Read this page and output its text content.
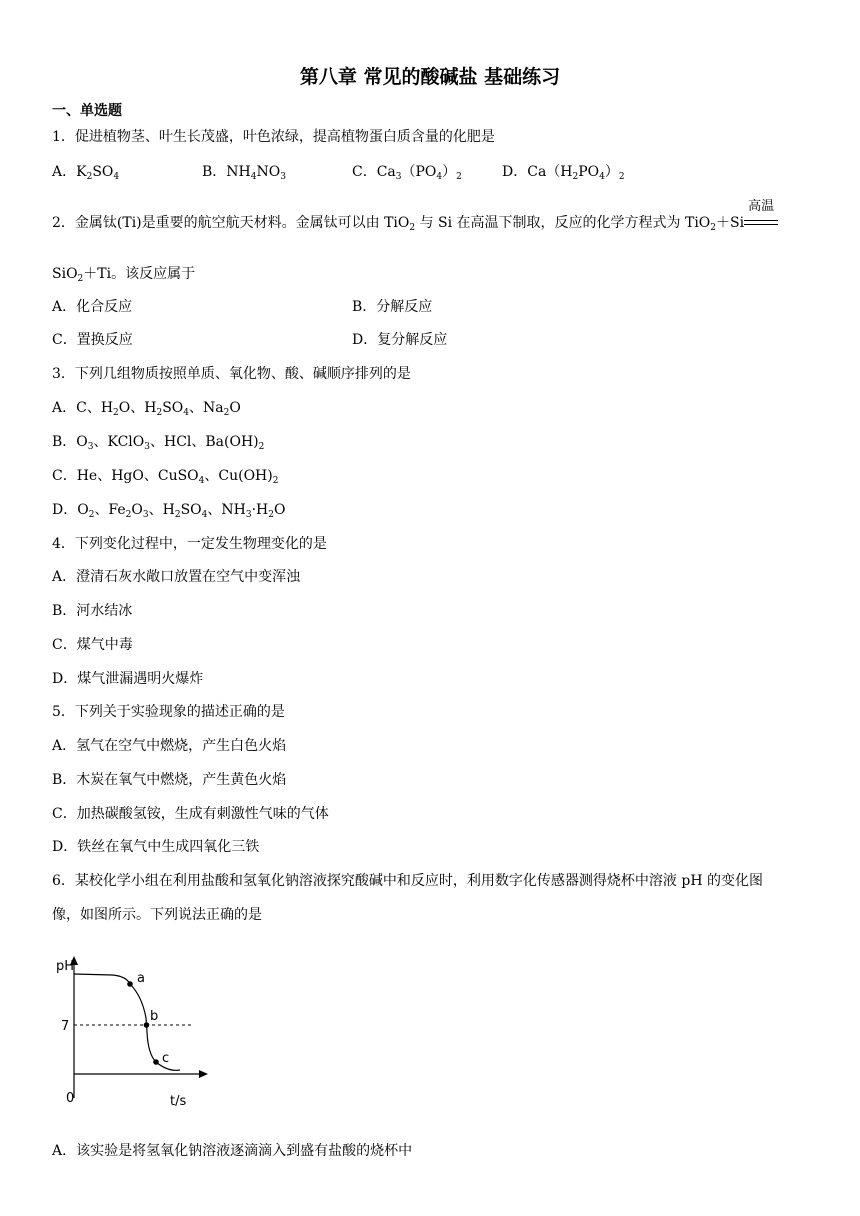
第八章 常见的酸碱盐 基础练习
一、单选题
1．促进植物茎、叶生长茂盛，叶色浓绿，提高植物蛋白质含量的化肥是
A．$K_2SO_4$	B．$NH_4NO_3$	C．$Ca_3(PO_4)_2$	D．$Ca(H_2PO_4)_2$
2．金属钛(Ti)是重要的航空航天材料。金属钛可以由 TiO$_2$ 与 Si 在高温下制取，反应的化学方程式为 TiO$_2$＋Si
高温
SiO$_2$＋Ti。该反应属于
A．化合反应	B．分解反应
C．置换反应	D．复分解反应
3．下列几组物质按照单质、氧化物、酸、碱顺序排列的是
A．C、$H_2O$、$H_2SO_4$、$Na_2O$
B．$O_3$、KClO$_3$、HCl、$Ba(OH)_2$
C．He、HgO、CuSO$_4$、$Cu(OH)_2$
D．$O_2$、$Fe_2O_3$、$H_2SO_4$、$NH_3\cdot H_2O$
4．下列变化过程中，一定发生物理变化的是
A．澄清石灰水敞口放置在空气中变浑浊
B．河水结冰
C．煤气中毒
D．煤气泄漏遇明火爆炸
5．下列关于实验现象的描述正确的是
A．氢气在空气中燃烧，产生白色火焰
B．木炭在氧气中燃烧，产生黄色火焰
C．加热碳酸氢铵，生成有刺激性气味的气体
D．铁丝在氧气中生成四氧化三铁
6．某校化学小组在利用盐酸和氢氧化钠溶液探究酸碱中和反应时，利用数字化传感器测得烧杯中溶液 pH 的变化图
像，如图所示。下列说法正确的是
pH
t/s
0
7
a
b
c
A．该实验是将氢氧化钠溶液逐滴滴入到盛有盐酸的烧杯中
